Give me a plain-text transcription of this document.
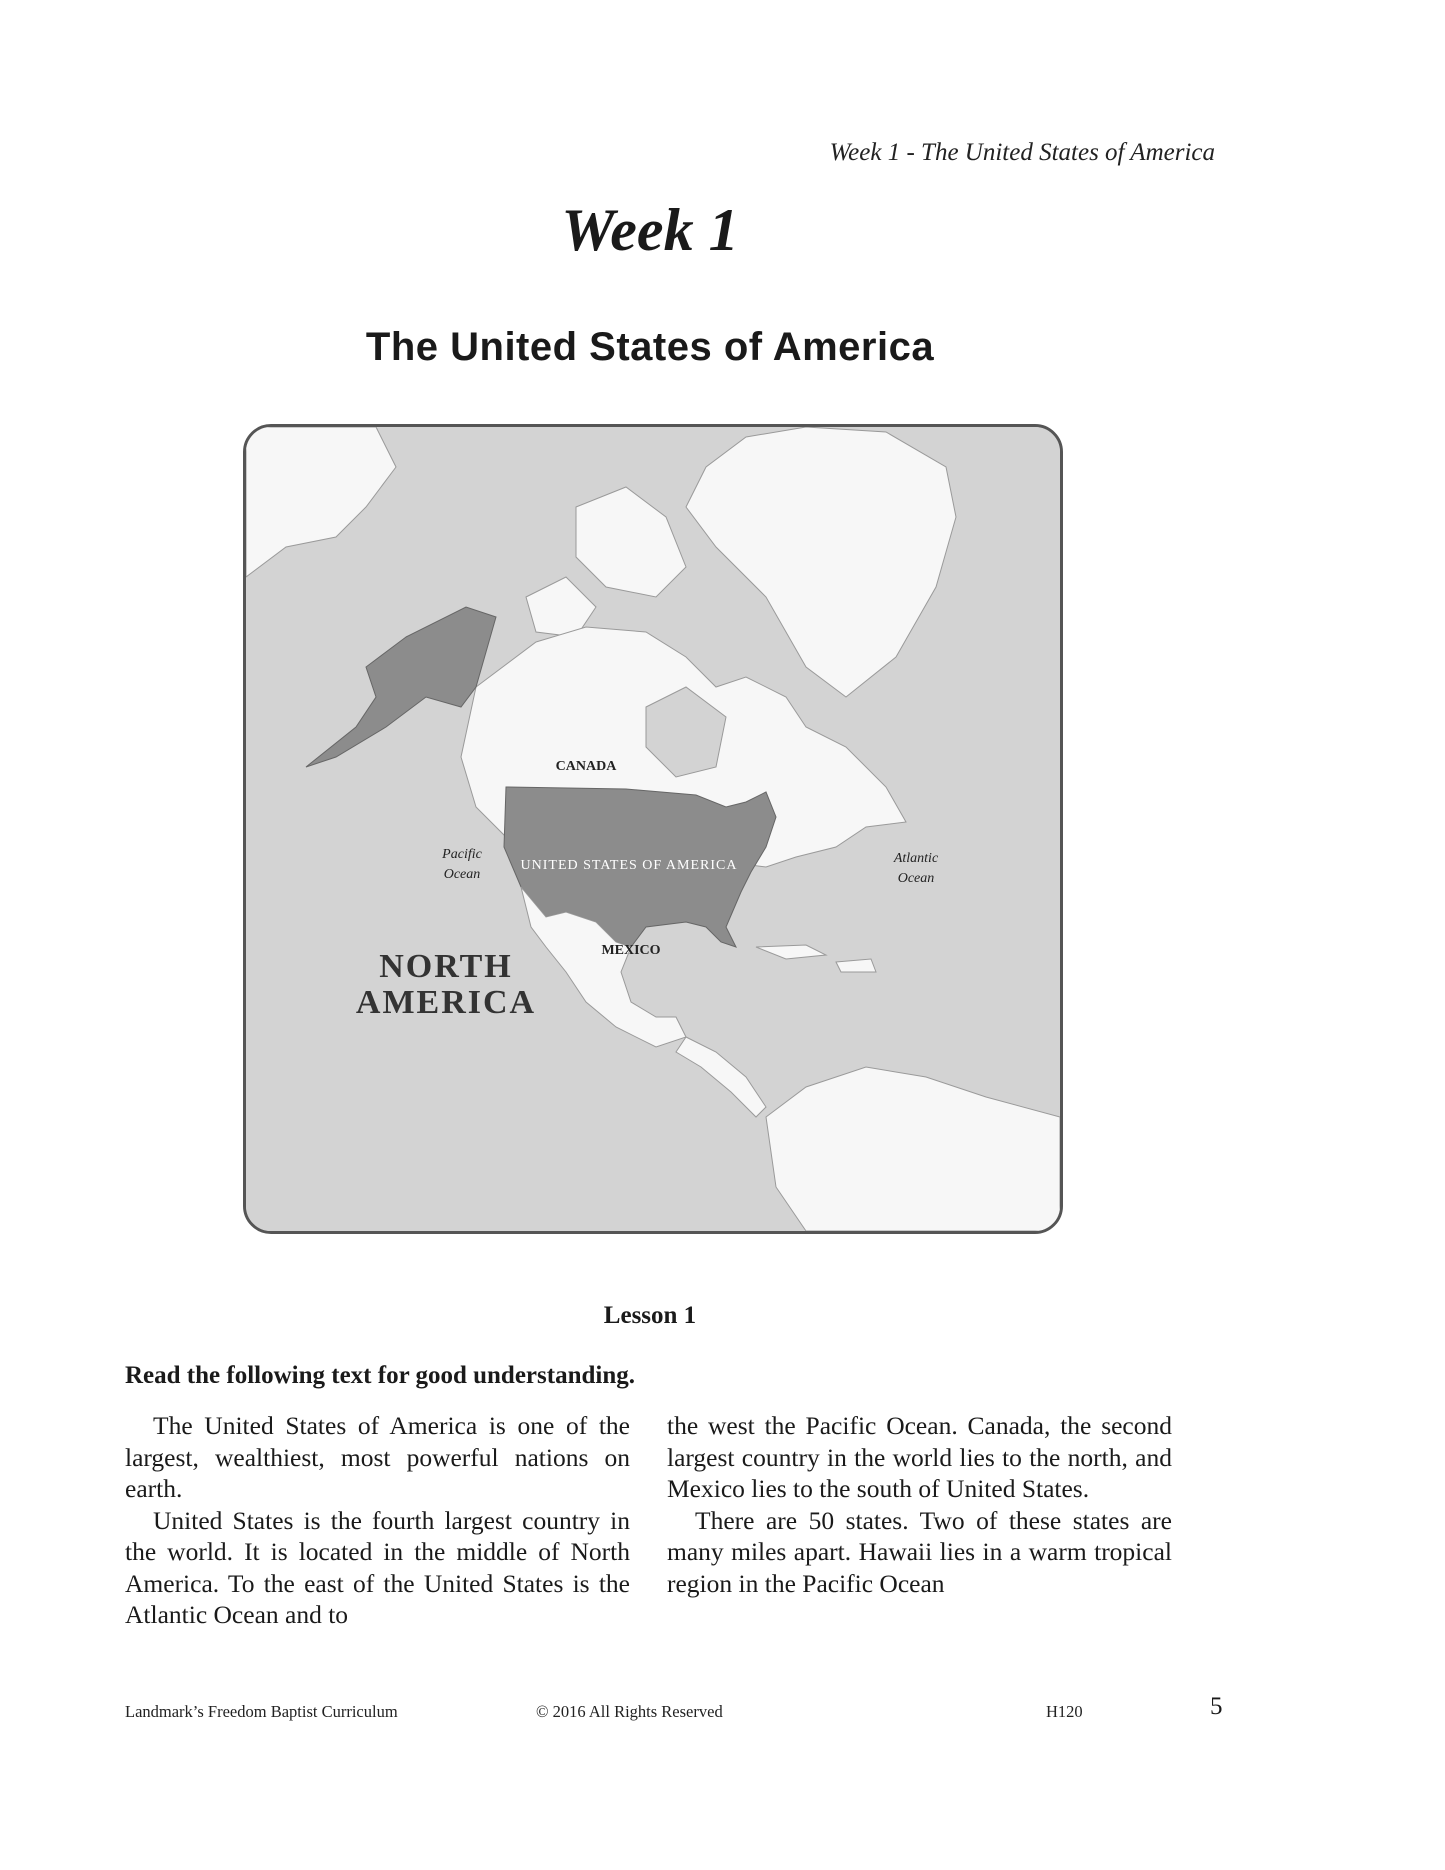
Week 1 - The United States of America
Week 1
The United States of America
CANADA
UNITED STATES OF AMERICA
MEXICO
Pacific
Ocean
Atlantic
Ocean
NORTH
AMERICA
Lesson 1
Read the following text for good understanding.

The United States of America is one of the largest, wealthiest, most powerful nations on earth.

United States is the fourth largest country in the world. It is located in the middle of North America. To the east of the United States is the Atlantic Ocean and to

the west the Pacific Ocean. Canada, the second largest country in the world lies to the north, and Mexico lies to the south of United States.

There are 50 states. Two of these states are many miles apart. Hawaii lies in a warm tropical region in the Pacific Ocean

Landmark’s Freedom Baptist Curriculum	© 2016 All Rights Reserved	H120	5
